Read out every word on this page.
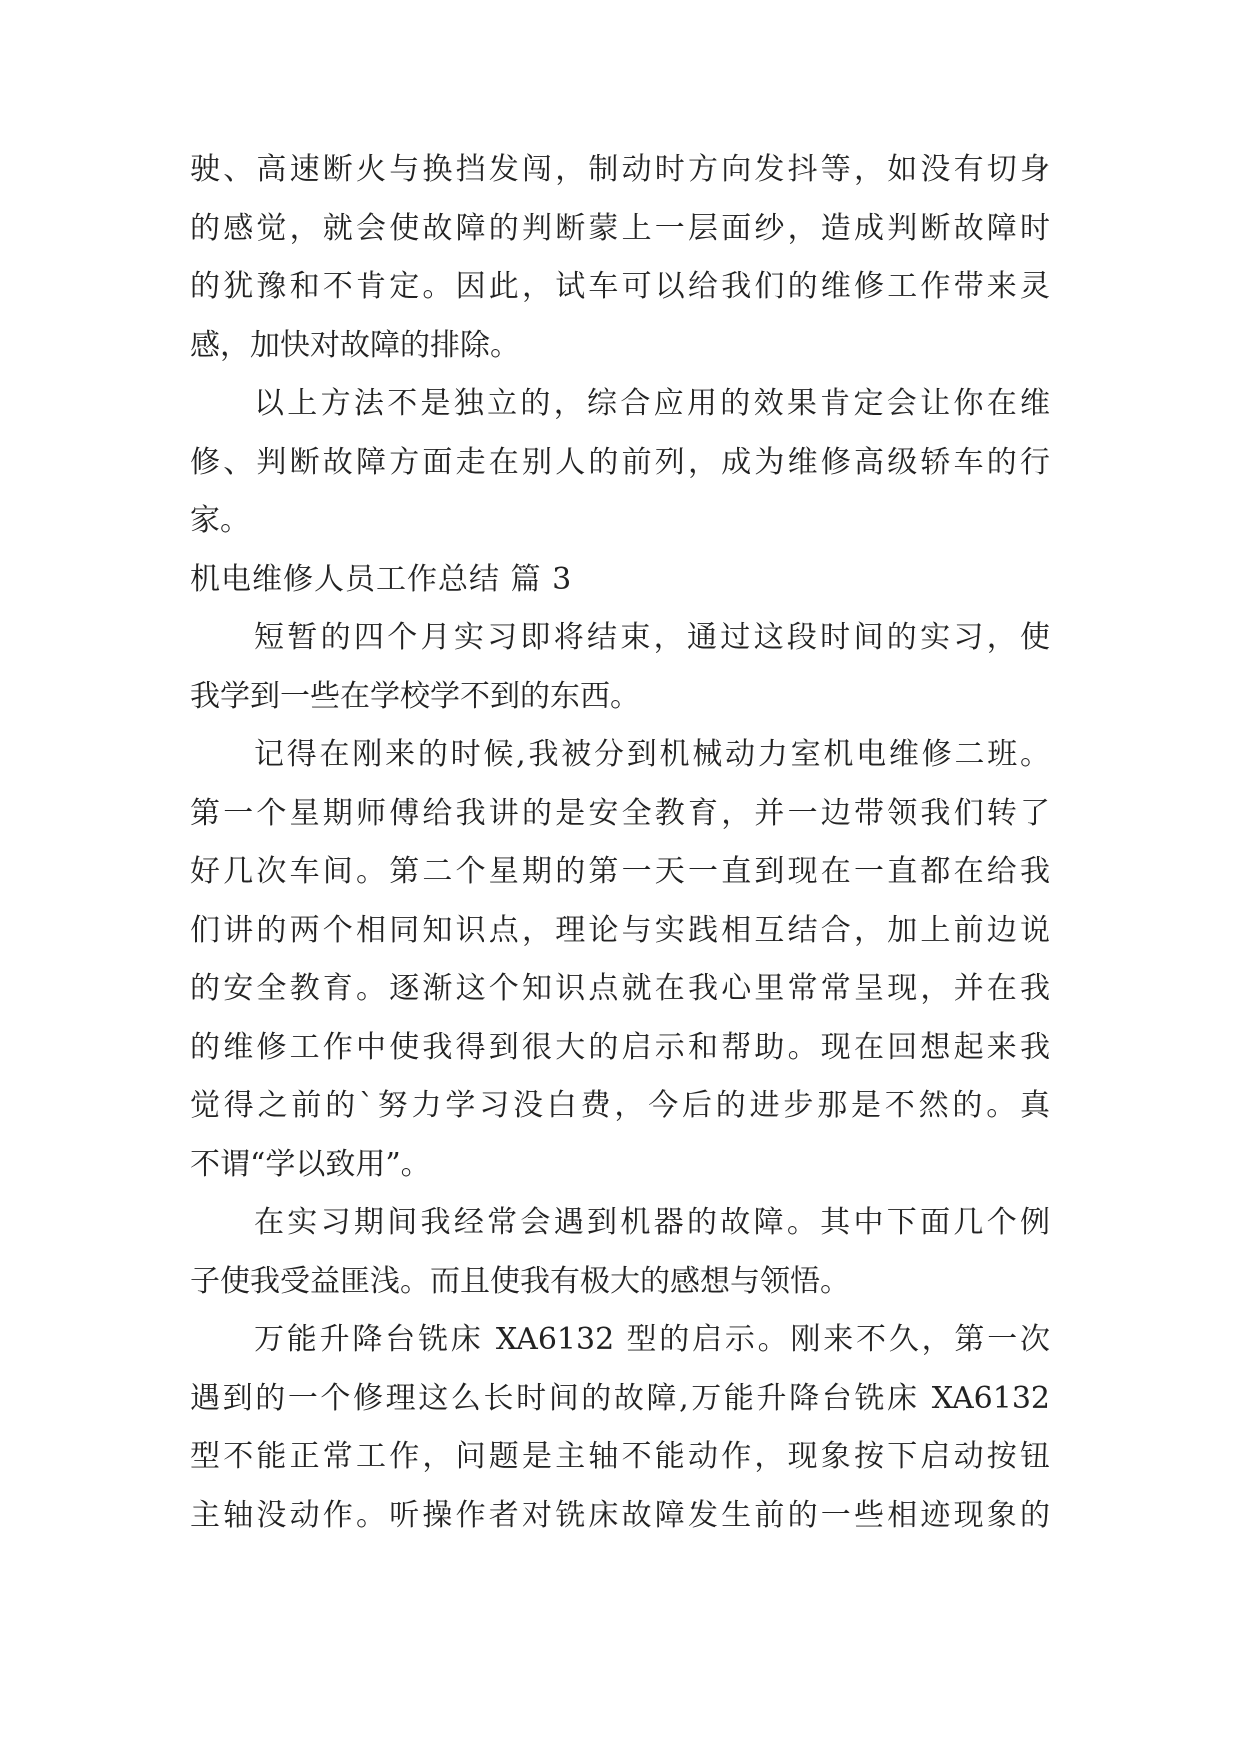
驶、高速断火与换挡发闯，制动时方向发抖等，如没有切身
的感觉，就会使故障的判断蒙上一层面纱，造成判断故障时
的犹豫和不肯定。因此，试车可以给我们的维修工作带来灵
感，加快对故障的排除。

以上方法不是独立的，综合应用的效果肯定会让你在维
修、判断故障方面走在别人的前列，成为维修高级轿车的行
家。

机电维修人员工作总结 篇 3

短暂的四个月实习即将结束，通过这段时间的实习，使
我学到一些在学校学不到的东西。

记得在刚来的时候,我被分到机械动力室机电维修二班。
第一个星期师傅给我讲的是安全教育，并一边带领我们转了
好几次车间。第二个星期的第一天一直到现在一直都在给我
们讲的两个相同知识点，理论与实践相互结合，加上前边说
的安全教育。逐渐这个知识点就在我心里常常呈现，并在我
的维修工作中使我得到很大的启示和帮助。现在回想起来我
觉得之前的`努力学习没白费，今后的进步那是不然的。真
不谓“学以致用”。

在实习期间我经常会遇到机器的故障。其中下面几个例
子使我受益匪浅。而且使我有极大的感想与领悟。

万能升降台铣床 XA6132 型的启示。刚来不久，第一次
遇到的一个修理这么长时间的故障,万能升降台铣床 XA6132
型不能正常工作，问题是主轴不能动作，现象按下启动按钮
主轴没动作。听操作者对铣床故障发生前的一些相迹现象的
